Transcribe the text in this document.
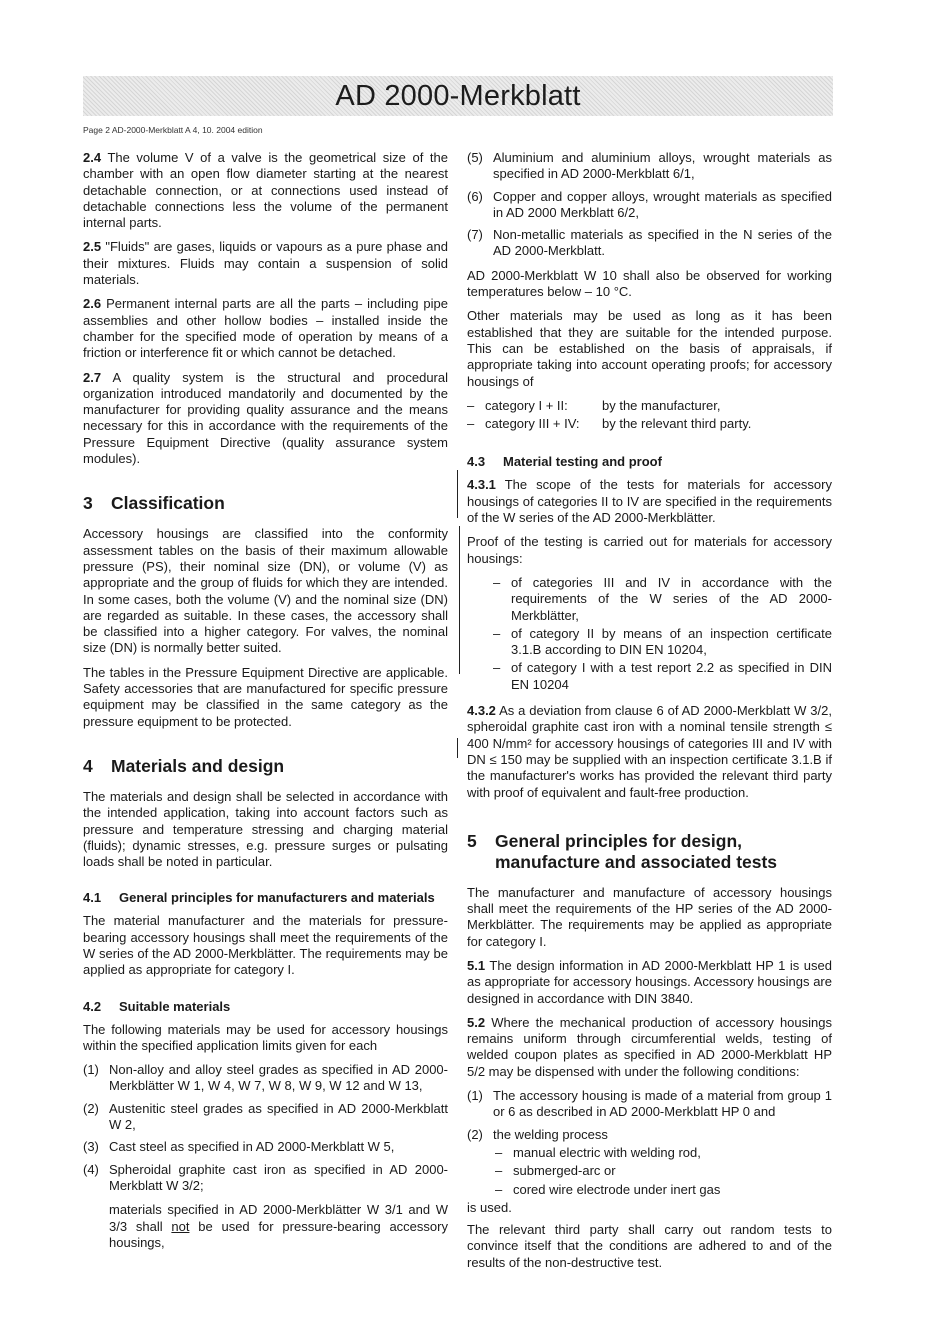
AD 2000-Merkblatt
Page 2 AD-2000-Merkblatt A 4, 10. 2004 edition

2.4 The volume V of a valve is the geometrical size of the chamber with an open flow diameter starting at the nearest detachable connection, or at connections used instead of detachable connections less the volume of the permanent internal parts.

2.5 "Fluids" are gases, liquids or vapours as a pure phase and their mixtures. Fluids may contain a suspension of solid materials.

2.6 Permanent internal parts are all the parts – including pipe assemblies and other hollow bodies – installed inside the chamber for the specified mode of operation by means of a friction or interference fit or which cannot be detached.

2.7 A quality system is the structural and procedural organization introduced mandatorily and documented by the manufacturer for providing quality assurance and the means necessary for this in accordance with the requirements of the Pressure Equipment Directive (quality assurance system modules).

3	Classification

Accessory housings are classified into the conformity assessment tables on the basis of their maximum allowable pressure (PS), their nominal size (DN), or volume (V) as appropriate and the group of fluids for which they are intended. In some cases, both the volume (V) and the nominal size (DN) are regarded as suitable. In these cases, the accessory shall be classified into a higher category. For valves, the nominal size (DN) is normally better suited.

The tables in the Pressure Equipment Directive are applicable. Safety accessories that are manufactured for specific pressure equipment may be classified in the same category as the pressure equipment to be protected.

4	Materials and design

The materials and design shall be selected in accordance with the intended application, taking into account factors such as pressure and temperature stressing and charging material (fluids); dynamic stresses, e.g. pressure surges or pulsating loads shall be noted in particular.

4.1	General principles for manufacturers and materials

The material manufacturer and the materials for pressure-bearing accessory housings shall meet the requirements of the W series of the AD 2000-Merkblätter. The requirements may be applied as appropriate for category I.

4.2	Suitable materials

The following materials may be used for accessory housings within the specified application limits given for each

(1) Non-alloy and alloy steel grades as specified in AD 2000-Merkblätter W 1, W 4, W 7, W 8, W 9, W 12 and W 13,
(2) Austenitic steel grades as specified in AD 2000-Merkblatt W 2,
(3) Cast steel as specified in AD 2000-Merkblatt W 5,
(4) Spheroidal graphite cast iron as specified in AD 2000-Merkblatt W 3/2;

materials specified in AD 2000-Merkblätter W 3/1 and W 3/3 shall not be used for pressure-bearing accessory housings,

(5) Aluminium and aluminium alloys, wrought materials as specified in AD 2000-Merkblatt 6/1,
(6) Copper and copper alloys, wrought materials as specified in AD 2000 Merkblatt 6/2,
(7) Non-metallic materials as specified in the N series of the AD 2000-Merkblatt.

AD 2000-Merkblatt W 10 shall also be observed for working temperatures below – 10 °C.

Other materials may be used as long as it has been established that they are suitable for the intended purpose. This can be established on the basis of appraisals, if appropriate taking into account operating proofs; for accessory housings of

– category I + II:	by the manufacturer,
– category III + IV:	by the relevant third party.
4.3	Material testing and proof

4.3.1 The scope of the tests for materials for accessory housings of categories II to IV are specified in the requirements of the W series of the AD 2000-Merkblätter.

Proof of the testing is carried out for materials for accessory housings:

– of categories III and IV in accordance with the requirements of the W series of the AD 2000-Merkblätter,
– of category II by means of an inspection certificate 3.1.B according to DIN EN 10204,
– of category I with a test report 2.2 as specified in DIN EN 10204

4.3.2 As a deviation from clause 6 of AD 2000-Merkblatt W 3/2, spheroidal graphite cast iron with a nominal tensile strength ≤ 400 N/mm² for accessory housings of categories III and IV with DN ≤ 150 may be supplied with an inspection certificate 3.1.B if the manufacturer's works has provided the relevant third party with proof of equivalent and fault-free production.

5	General principles for design, manufacture and associated tests

The manufacturer and manufacture of accessory housings shall meet the requirements of the HP series of the AD 2000-Merkblätter. The requirements may be applied as appropriate for category I.

5.1 The design information in AD 2000-Merkblatt HP 1 is used as appropriate for accessory housings. Accessory housings are designed in accordance with DIN 3840.

5.2 Where the mechanical production of accessory housings remains uniform through circumferential welds, testing of welded coupon plates as specified in AD 2000-Merkblatt HP 5/2 may be dispensed with under the following conditions:

(1) The accessory housing is made of a material from group 1 or 6 as described in AD 2000-Merkblatt HP 0 and
(2) the welding process
– manual electric with welding rod,
– submerged-arc or
– cored wire electrode under inert gas

is used.

The relevant third party shall carry out random tests to convince itself that the conditions are adhered to and of the results of the non-destructive test.
